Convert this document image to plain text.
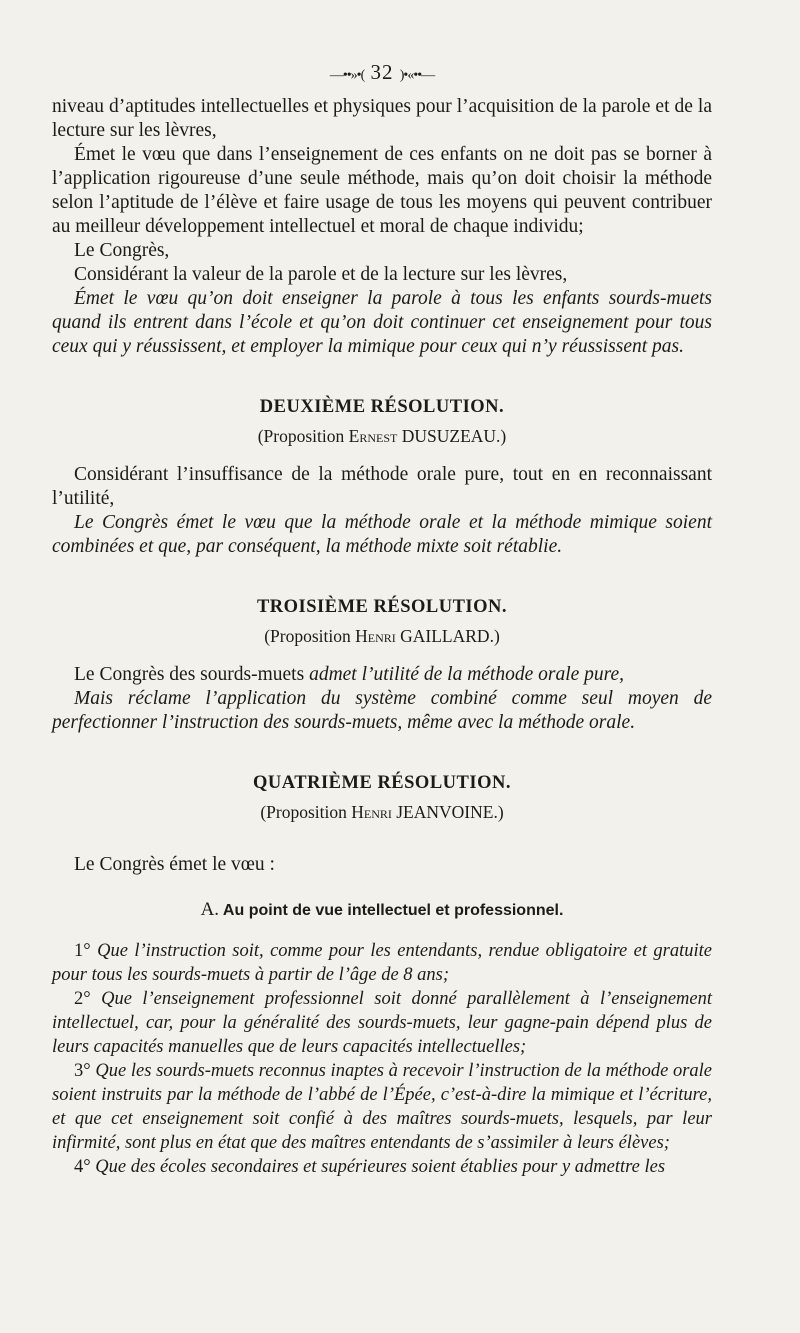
—••»•( 32 )•«••—

niveau d’aptitudes intellectuelles et physiques pour l’acquisition de la parole et de la lecture sur les lèvres,

Émet le vœu que dans l’enseignement de ces enfants on ne doit pas se borner à l’application rigoureuse d’une seule méthode, mais qu’on doit choisir la méthode selon l’aptitude de l’élève et faire usage de tous les moyens qui peuvent contribuer au meilleur développement intellectuel et moral de chaque individu;

Le Congrès,

Considérant la valeur de la parole et de la lecture sur les lèvres,

Émet le vœu qu’on doit enseigner la parole à tous les enfants sourds-muets quand ils entrent dans l’école et qu’on doit continuer cet enseignement pour tous ceux qui y réussissent, et employer la mimique pour ceux qui n’y réussissent pas.

DEUXIÈME RÉSOLUTION.
(Proposition Ernest DUSUZEAU.)

Considérant l’insuffisance de la méthode orale pure, tout en en reconnaissant l’utilité,

Le Congrès émet le vœu que la méthode orale et la méthode mimique soient combinées et que, par conséquent, la méthode mixte soit rétablie.

TROISIÈME RÉSOLUTION.
(Proposition Henri GAILLARD.)

Le Congrès des sourds-muets admet l’utilité de la méthode orale pure,

Mais réclame l’application du système combiné comme seul moyen de perfectionner l’instruction des sourds-muets, même avec la méthode orale.

QUATRIÈME RÉSOLUTION.
(Proposition Henri JEANVOINE.)

Le Congrès émet le vœu :

A. Au point de vue intellectuel et professionnel.

1° Que l’instruction soit, comme pour les entendants, rendue obligatoire et gratuite pour tous les sourds-muets à partir de l’âge de 8 ans;

2° Que l’enseignement professionnel soit donné parallèlement à l’enseignement intellectuel, car, pour la généralité des sourds-muets, leur gagne-pain dépend plus de leurs capacités manuelles que de leurs capacités intellectuelles;

3° Que les sourds-muets reconnus inaptes à recevoir l’instruction de la méthode orale soient instruits par la méthode de l’abbé de l’Épée, c’est-à-dire la mimique et l’écriture, et que cet enseignement soit confié à des maîtres sourds-muets, lesquels, par leur infirmité, sont plus en état que des maîtres entendants de s’assimiler à leurs élèves;

4° Que des écoles secondaires et supérieures soient établies pour y admettre les
